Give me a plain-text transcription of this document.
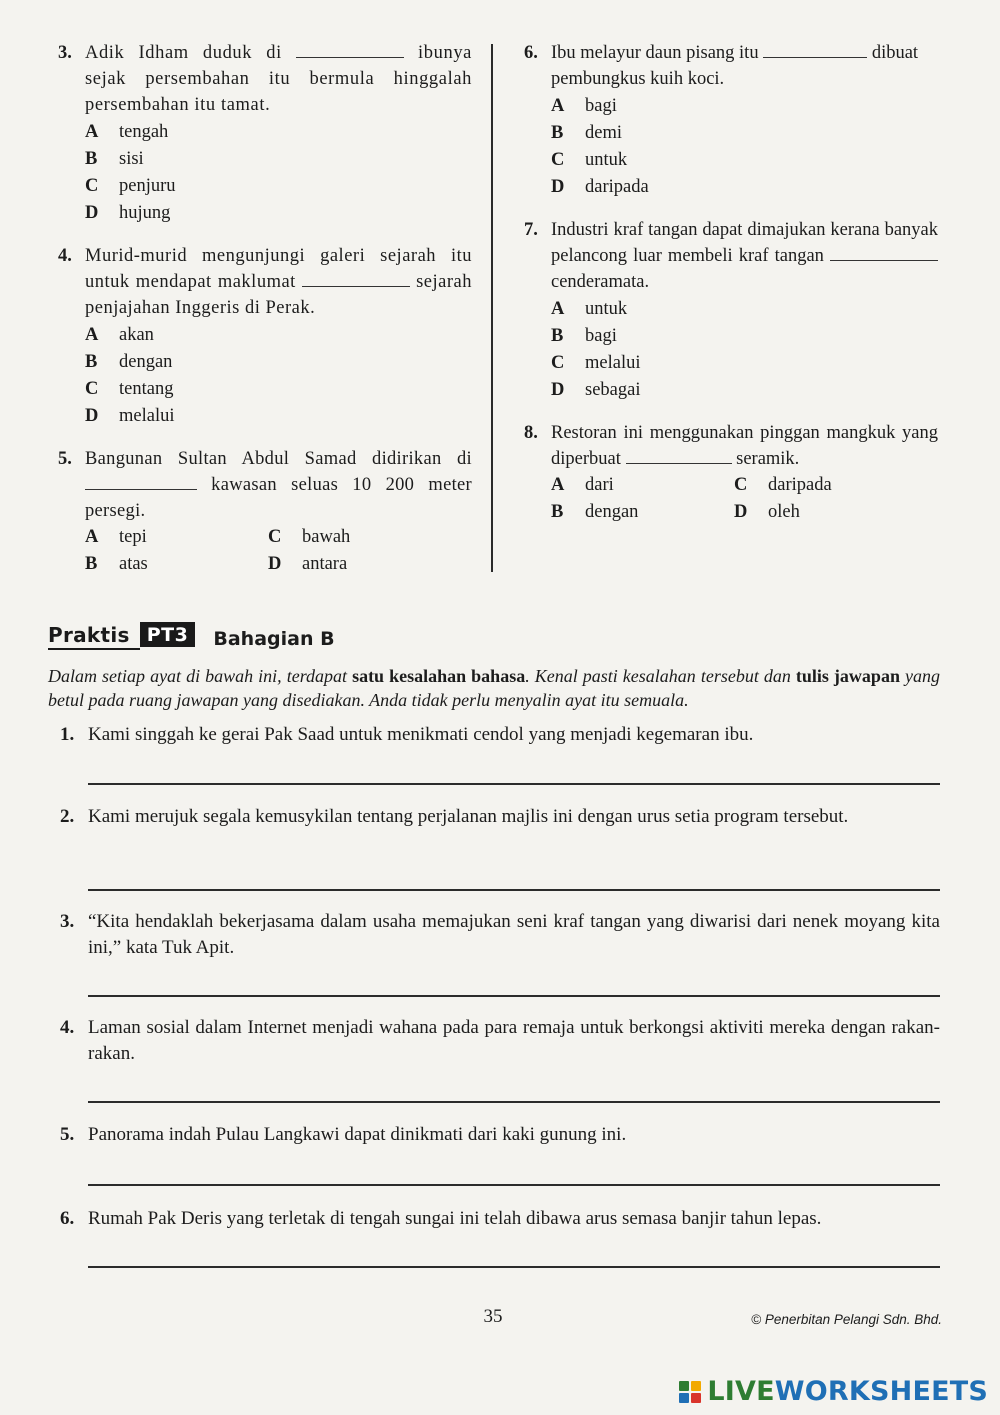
3. Adik Idham duduk di	ibunya sejak persembahan itu bermula hinggalah persembahan itu tamat.
A	tengah
B	sisi
C	penjuru
D	hujung
4. Murid-murid mengunjungi galeri sejarah itu untuk mendapat maklumat	sejarah penjajahan Inggeris di Perak.
A	akan
B	dengan
C	tentang
D	melalui
5. Bangunan Sultan Abdul Samad didirikan di  kawasan seluas 10 200 meter persegi.
A	tepi	C	bawah
B	atas	D	antara
6. Ibu melayur daun pisang itu	dibuat pembungkus kuih koci.
A	bagi
B	demi
C	untuk
D	daripada
7. Industri kraf tangan dapat dimajukan kerana banyak pelancong luar membeli kraf tangan  cenderamata.
A	untuk
B	bagi
C	melalui
D	sebagai
8. Restoran ini menggunakan pinggan mangkuk yang diperbuat	seramik.
A	dari	C	daripada
B	dengan	D	oleh
Praktis PT3	Bahagian B
Dalam setiap ayat di bawah ini, terdapat satu kesalahan bahasa. Kenal pasti kesalahan tersebut dan tulis jawapan yang betul pada ruang jawapan yang disediakan. Anda tidak perlu menyalin ayat itu semuala.
1. Kami singgah ke gerai Pak Saad untuk menikmati cendol yang menjadi kegemaran ibu.
2. Kami merujuk segala kemusykilan tentang perjalanan majlis ini dengan urus setia program tersebut.
3. “Kita hendaklah bekerjasama dalam usaha memajukan seni kraf tangan yang diwarisi dari nenek moyang kita ini,” kata Tuk Apit.
4. Laman sosial dalam Internet menjadi wahana pada para remaja untuk berkongsi aktiviti mereka dengan rakan-rakan.
5. Panorama indah Pulau Langkawi dapat dinikmati dari kaki gunung ini.
6. Rumah Pak Deris yang terletak di tengah sungai ini telah dibawa arus semasa banjir tahun lepas.
35	© Penerbitan Pelangi Sdn. Bhd.
LIVEWORKSHEETS
